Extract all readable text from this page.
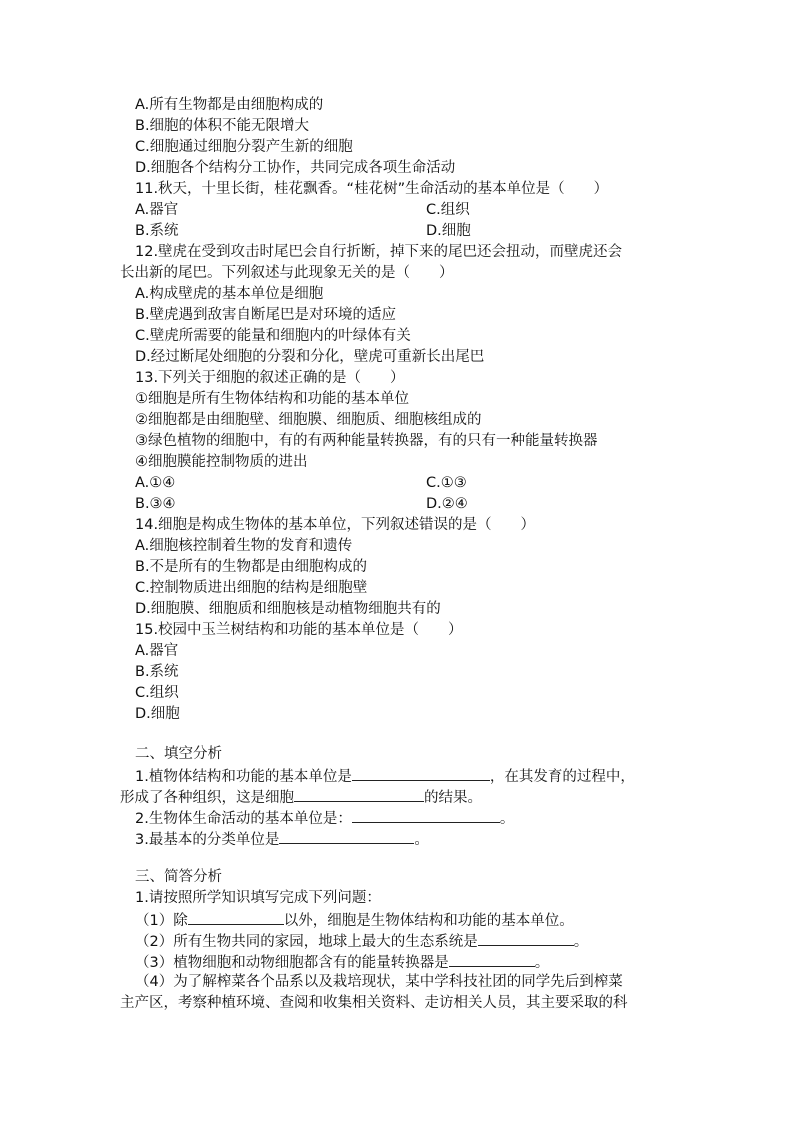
A.所有生物都是由细胞构成的
B.细胞的体积不能无限增大
C.细胞通过细胞分裂产生新的细胞
D.细胞各个结构分工协作，共同完成各项生命活动
11.秋天，十里长街，桂花飘香。“桂花树”生命活动的基本单位是（　　）
A.器官	C.组织
B.系统	D.细胞
12.壁虎在受到攻击时尾巴会自行折断，掉下来的尾巴还会扭动，而壁虎还会
长出新的尾巴。下列叙述与此现象无关的是（　　）
A.构成壁虎的基本单位是细胞
B.壁虎遇到敌害自断尾巴是对环境的适应
C.壁虎所需要的能量和细胞内的叶绿体有关
D.经过断尾处细胞的分裂和分化，壁虎可重新长出尾巴
13.下列关于细胞的叙述正确的是（　　）
①细胞是所有生物体结构和功能的基本单位
②细胞都是由细胞壁、细胞膜、细胞质、细胞核组成的
③绿色植物的细胞中，有的有两种能量转换器，有的只有一种能量转换器
④细胞膜能控制物质的进出
A.①④	C.①③
B.③④	D.②④
14.细胞是构成生物体的基本单位，下列叙述错误的是（　　）
A.细胞核控制着生物的发育和遗传
B.不是所有的生物都是由细胞构成的
C.控制物质进出细胞的结构是细胞壁
D.细胞膜、细胞质和细胞核是动植物细胞共有的
15.校园中玉兰树结构和功能的基本单位是（　　）
A.器官
B.系统
C.组织
D.细胞
二、填空分析
1.植物体结构和功能的基本单位是	，在其发育的过程中，
形成了各种组织，这是细胞	的结果。
2.生物体生命活动的基本单位是：	。
3.最基本的分类单位是	。
三、简答分析
1.请按照所学知识填写完成下列问题：
（1）除	以外，细胞是生物体结构和功能的基本单位。
（2）所有生物共同的家园，地球上最大的生态系统是	。
（3）植物细胞和动物细胞都含有的能量转换器是	。
（4）为了解榨菜各个品系以及栽培现状，某中学科技社团的同学先后到榨菜
主产区，考察种植环境、查阅和收集相关资料、走访相关人员，其主要采取的科
